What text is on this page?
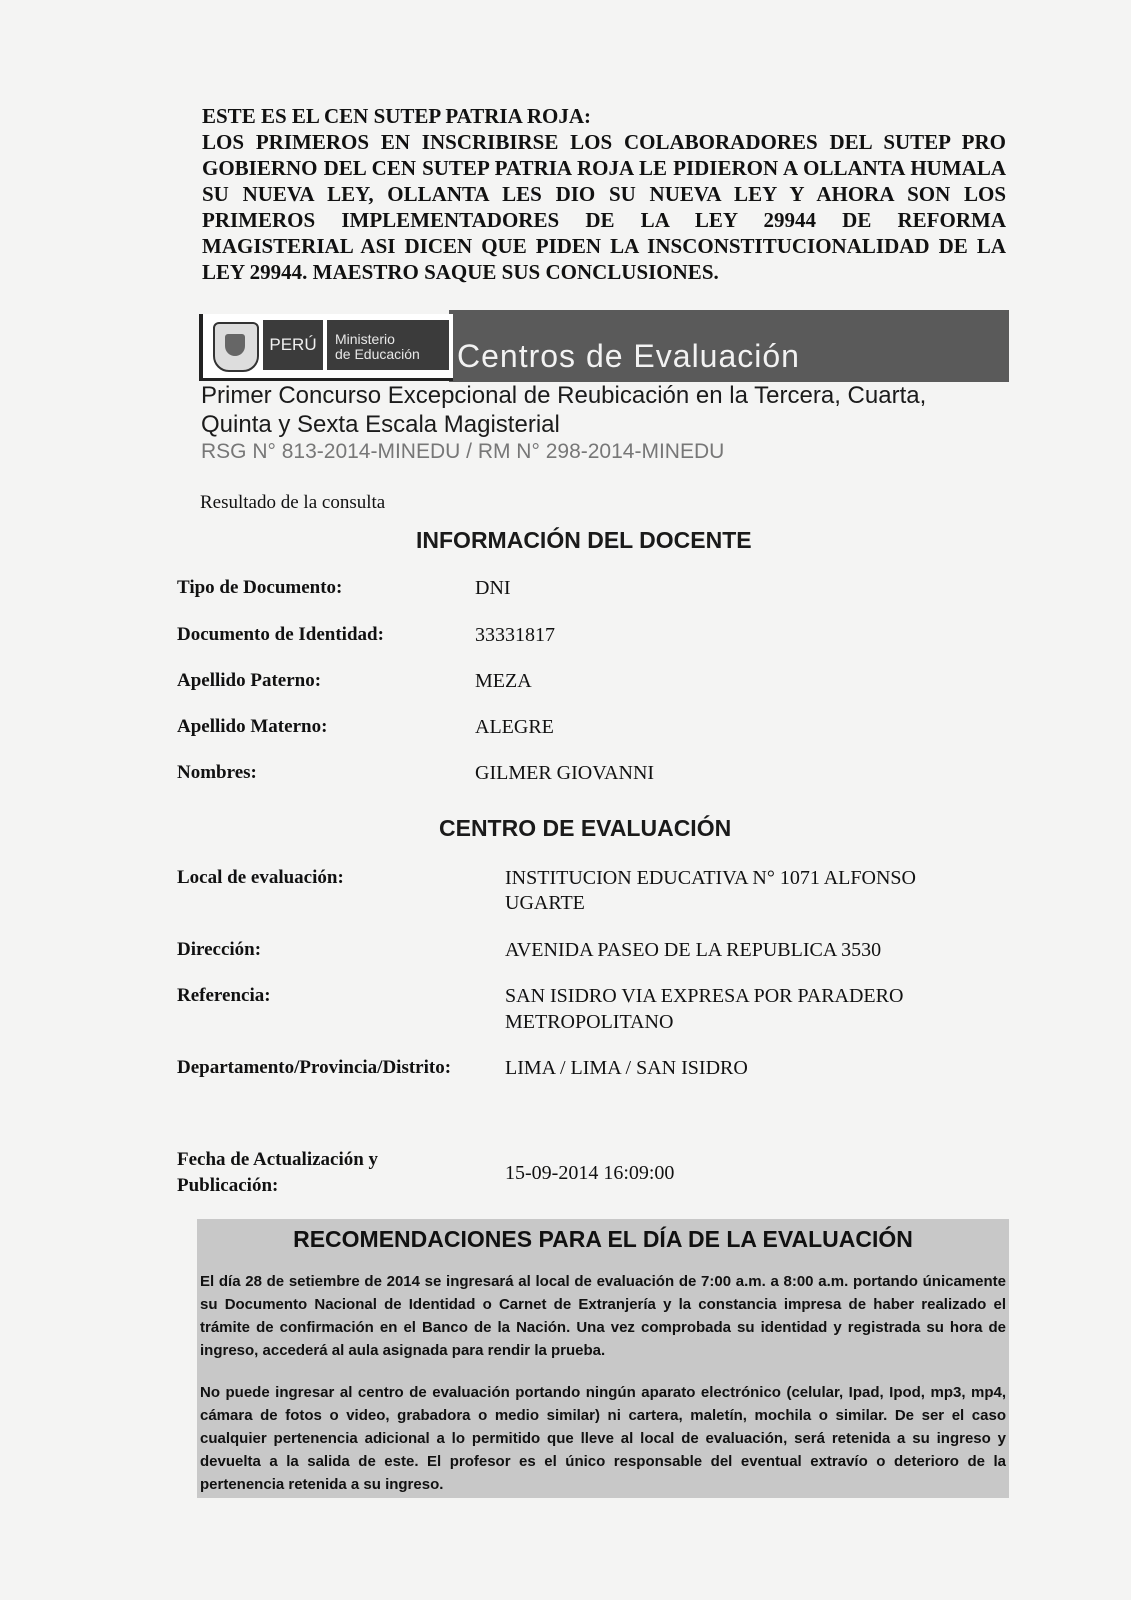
ESTE ES EL CEN SUTEP PATRIA ROJA:
LOS PRIMEROS EN INSCRIBIRSE LOS COLABORADORES DEL SUTEP PRO GOBIERNO DEL CEN SUTEP PATRIA ROJA LE PIDIERON A OLLANTA HUMALA SU NUEVA LEY, OLLANTA LES DIO SU NUEVA LEY Y AHORA SON LOS PRIMEROS IMPLEMENTADORES DE LA LEY 29944 DE REFORMA MAGISTERIAL ASI DICEN QUE PIDEN LA INSCONSTITUCIONALIDAD DE LA LEY 29944. MAESTRO SAQUE SUS CONCLUSIONES.
PERÚ	Ministerio
de Educación	Centros de Evaluación
Primer Concurso Excepcional de Reubicación en la Tercera, Cuarta, Quinta y Sexta Escala Magisterial
RSG N° 813-2014-MINEDU / RM N° 298-2014-MINEDU
Resultado de la consulta
INFORMACIÓN DEL DOCENTE
Tipo de Documento:	DNI
Documento de Identidad:	33331817
Apellido Paterno:	MEZA
Apellido Materno:	ALEGRE
Nombres:	GILMER GIOVANNI
CENTRO DE EVALUACIÓN
Local de evaluación:	INSTITUCION EDUCATIVA N° 1071 ALFONSO
UGARTE
Dirección:	AVENIDA PASEO DE LA REPUBLICA 3530
Referencia:	SAN ISIDRO VIA EXPRESA POR PARADERO
METROPOLITANO
Departamento/Provincia/Distrito:	LIMA / LIMA / SAN ISIDRO
Fecha de Actualización y
Publicación:
15-09-2014 16:09:00
RECOMENDACIONES PARA EL DÍA DE LA EVALUACIÓN
El día 28 de setiembre de 2014 se ingresará al local de evaluación de 7:00 a.m. a 8:00 a.m. portando únicamente su Documento Nacional de Identidad o Carnet de Extranjería y la constancia impresa de haber realizado el trámite de confirmación en el Banco de la Nación. Una vez comprobada su identidad y registrada su hora de ingreso, accederá al aula asignada para rendir la prueba.
No puede ingresar al centro de evaluación portando ningún aparato electrónico (celular, Ipad, Ipod, mp3, mp4, cámara de fotos o video, grabadora o medio similar) ni cartera, maletín, mochila o similar. De ser el caso cualquier pertenencia adicional a lo permitido que lleve al local de evaluación, será retenida a su ingreso y devuelta a la salida de este. El profesor es el único responsable del eventual extravío o deterioro de la pertenencia retenida a su ingreso.
